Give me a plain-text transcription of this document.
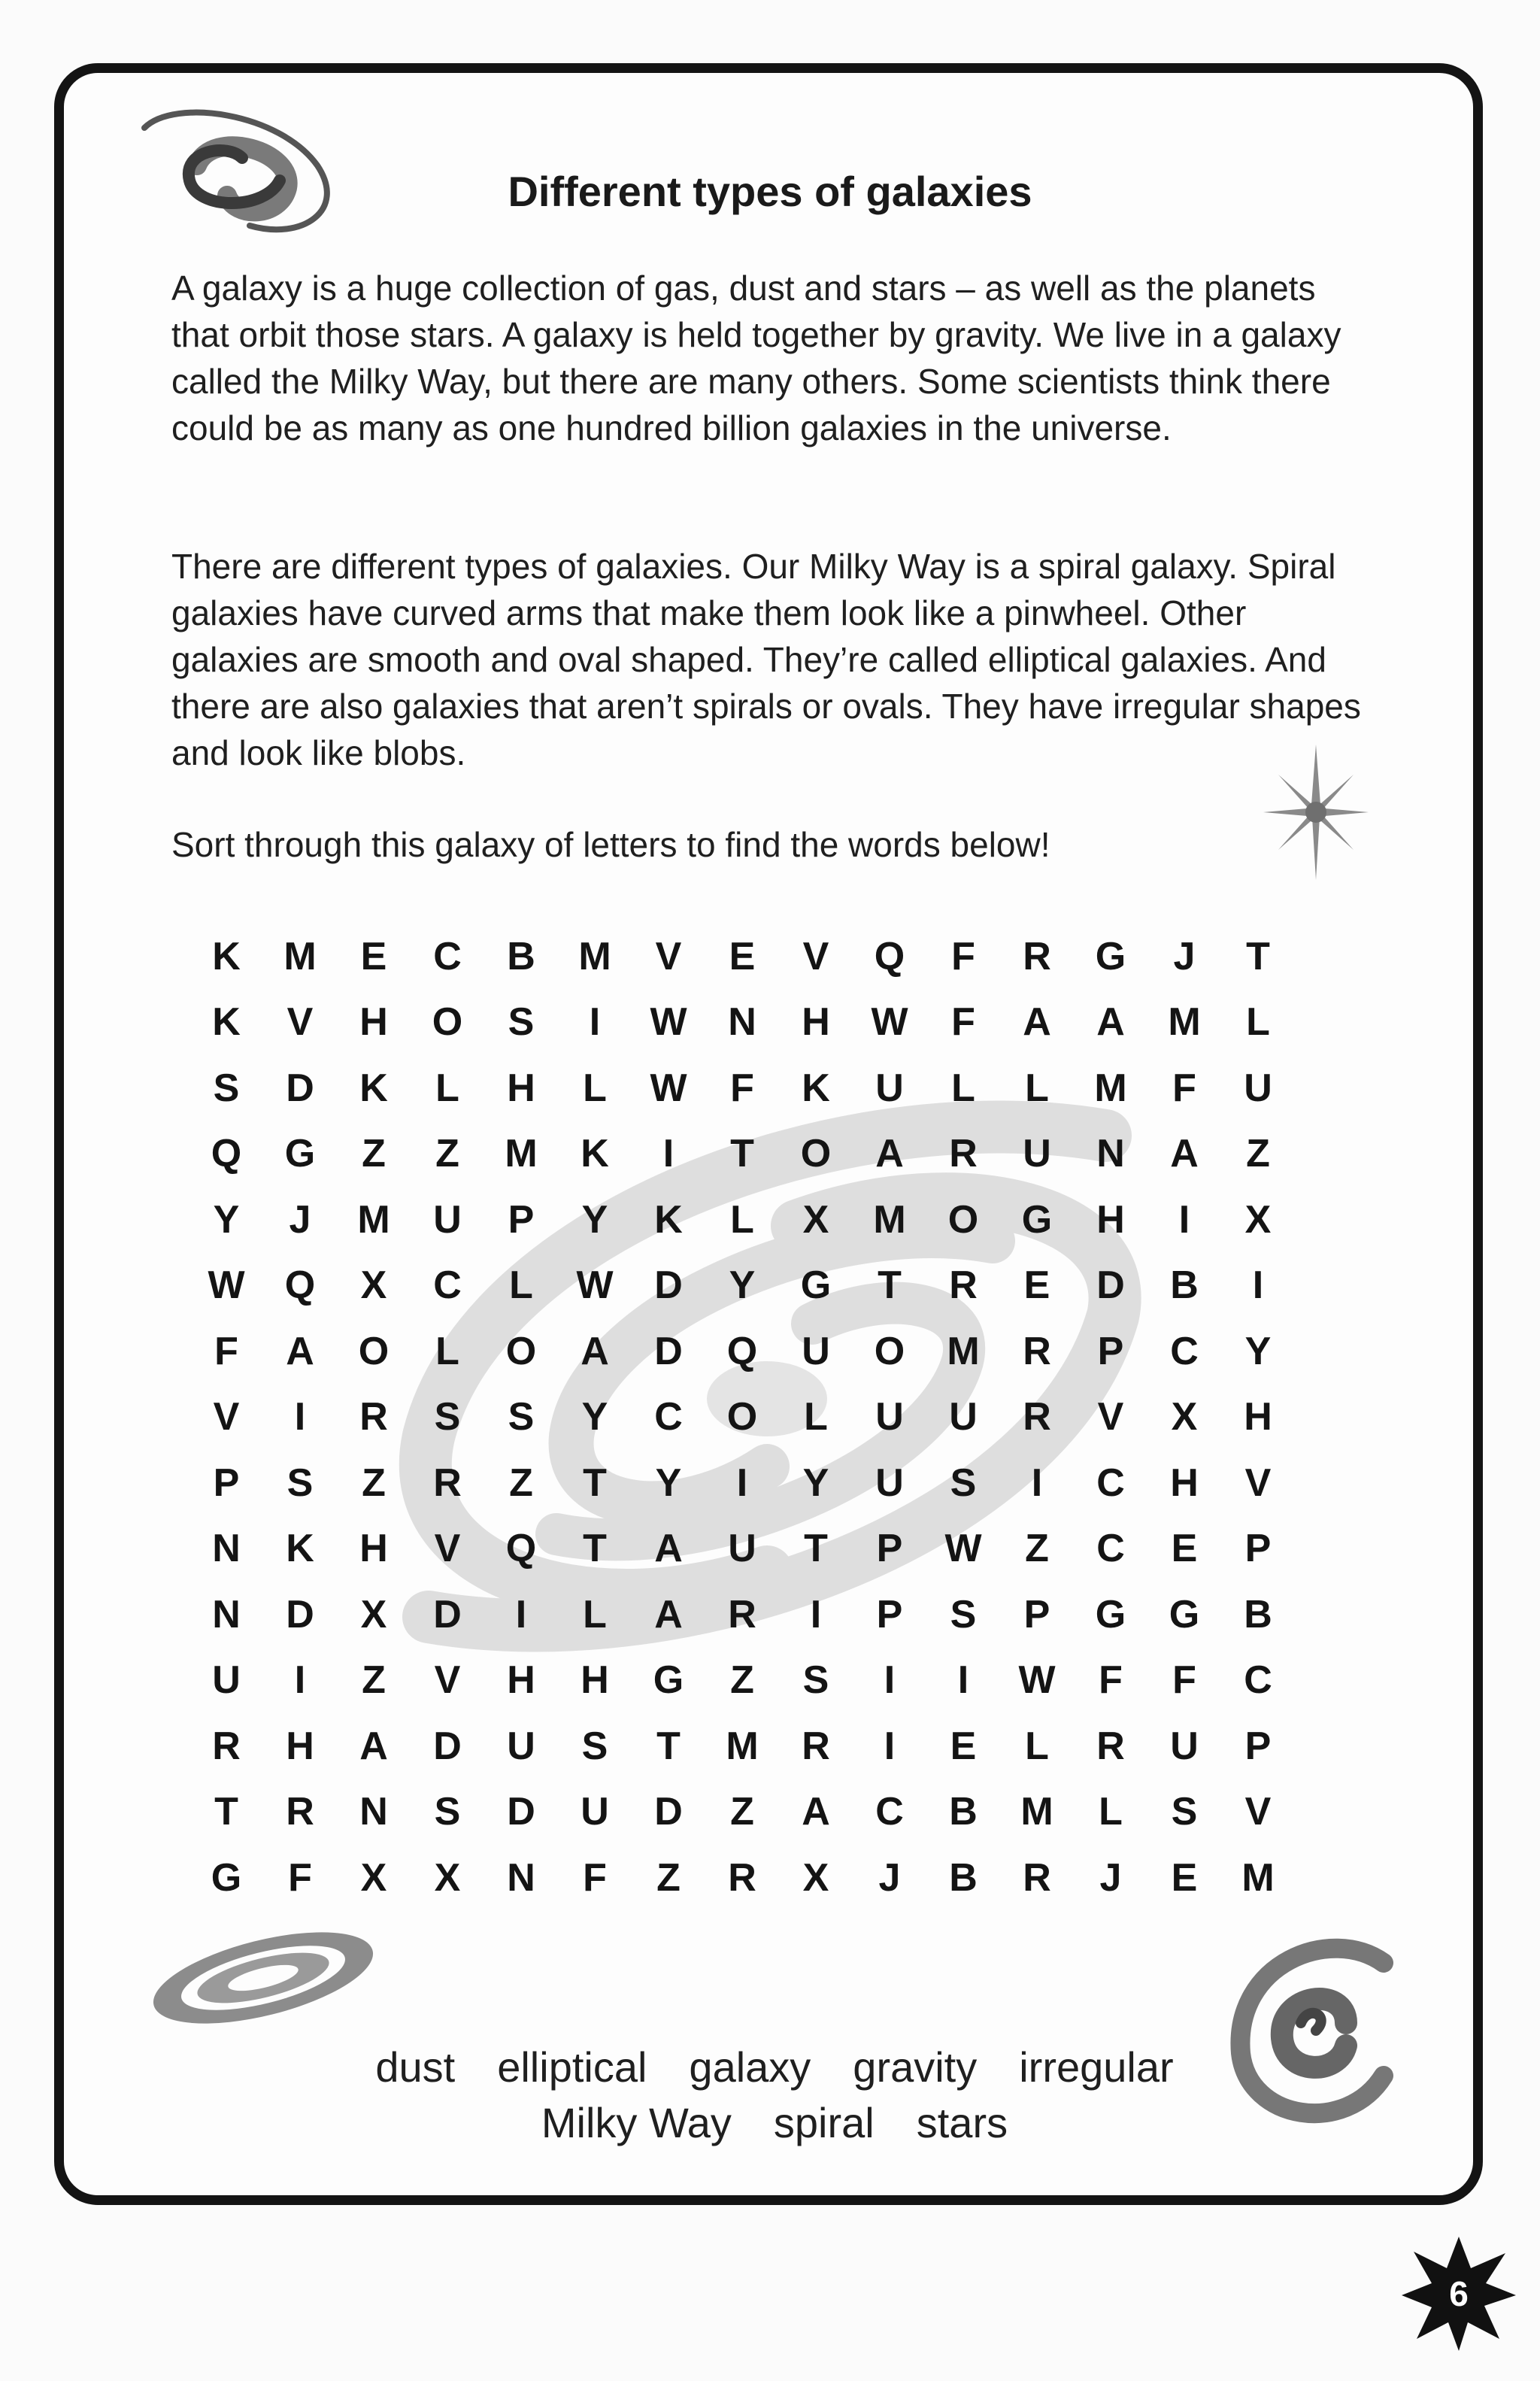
Different types of galaxies

A galaxy is a huge collection of gas, dust and stars – as well as the planets that orbit those stars. A galaxy is held together by gravity. We live in a galaxy called the Milky Way, but there are many others. Some scientists think there could be as many as one hundred billion galaxies in the universe.

There are different types of galaxies. Our Milky Way is a spiral galaxy. Spiral galaxies have curved arms that make them look like a pinwheel. Other galaxies are smooth and oval shaped. They’re called elliptical galaxies. And there are also galaxies that aren’t spirals or ovals. They have irregular shapes and look like blobs.

Sort through this galaxy of letters to find the words below!

K	M	E	C	B	M	V	E	V	Q	F	R	G	J	T
K	V	H	O	S	I	W	N	H	W	F	A	A	M	L
S	D	K	L	H	L	W	F	K	U	L	L	M	F	U
Q	G	Z	Z	M	K	I	T	O	A	R	U	N	A	Z
Y	J	M	U	P	Y	K	L	X	M	O	G	H	I	X
W	Q	X	C	L	W	D	Y	G	T	R	E	D	B	I
F	A	O	L	O	A	D	Q	U	O	M	R	P	C	Y
V	I	R	S	S	Y	C	O	L	U	U	R	V	X	H
P	S	Z	R	Z	T	Y	I	Y	U	S	I	C	H	V
N	K	H	V	Q	T	A	U	T	P	W	Z	C	E	P
N	D	X	D	I	L	A	R	I	P	S	P	G	G	B
U	I	Z	V	H	H	G	Z	S	I	I	W	F	F	C
R	H	A	D	U	S	T	M	R	I	E	L	R	U	P
T	R	N	S	D	U	D	Z	A	C	B	M	L	S	V
G	F	X	X	N	F	Z	R	X	J	B	R	J	E	M
dust elliptical galaxy gravity irregular
Milky Way spiral stars
6
